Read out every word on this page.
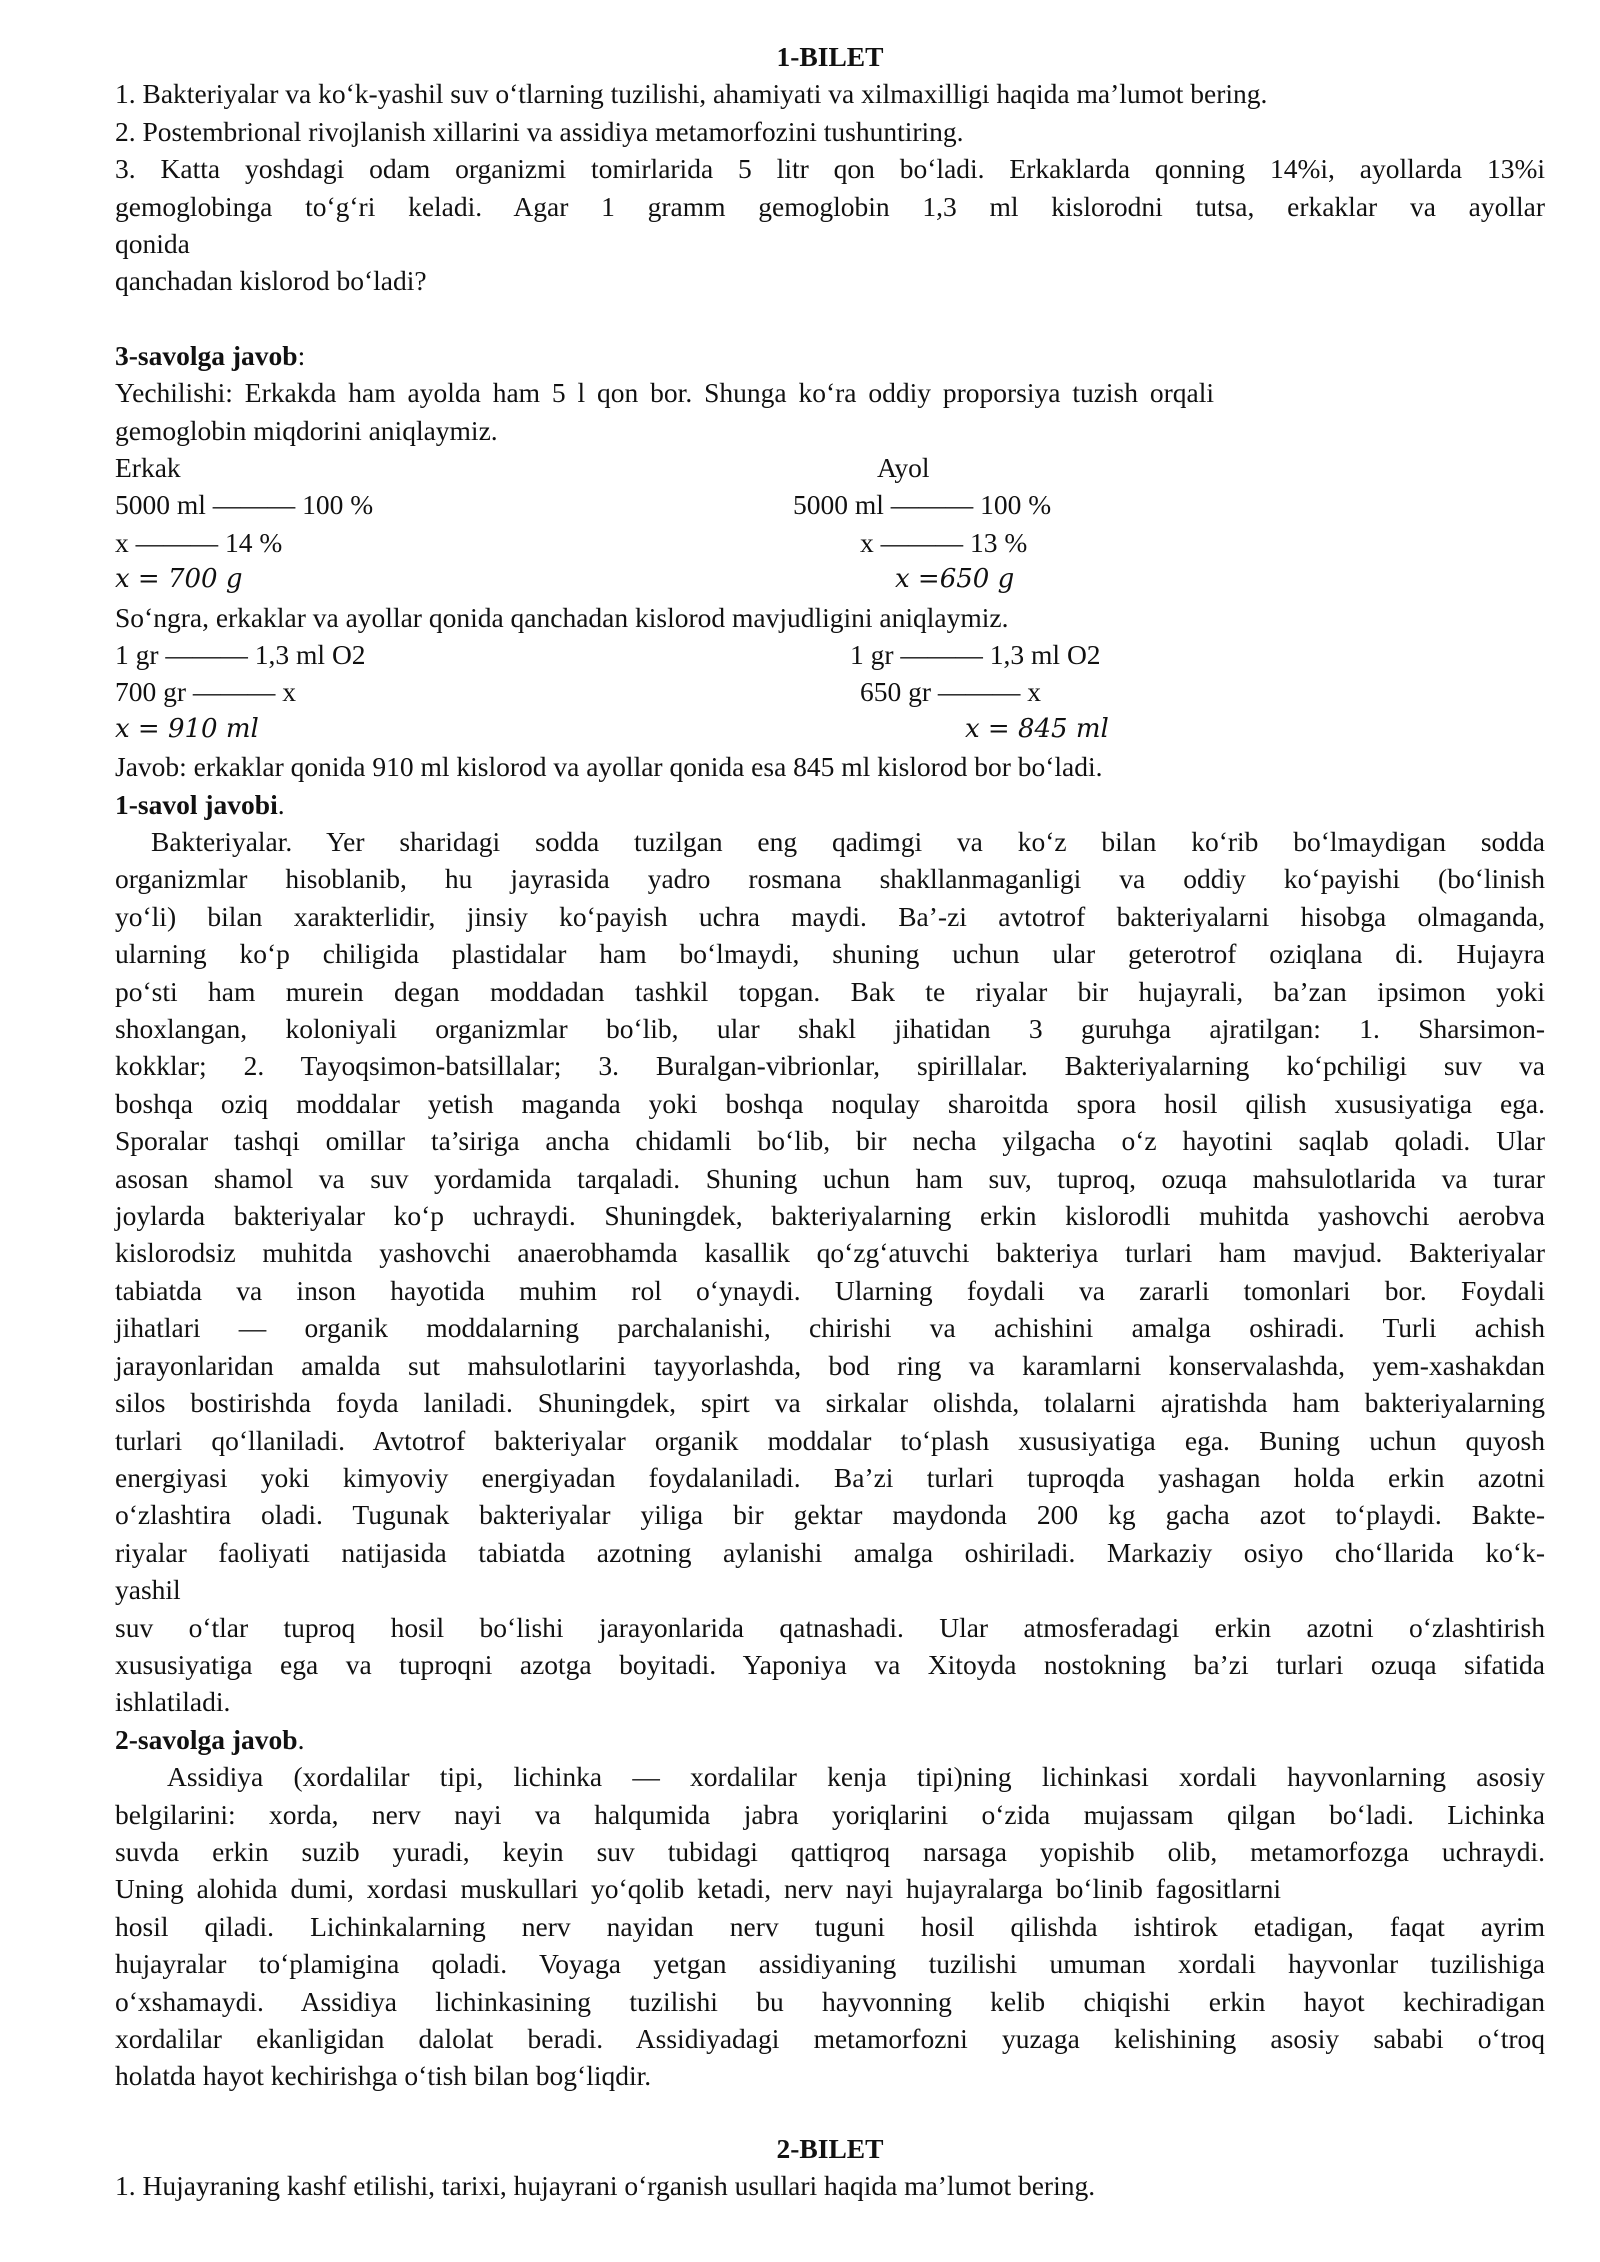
1-BILET

1. Bakteriyalar va ko‘k-yashil suv o‘tlarning tuzilishi, ahamiyati va xilmaxilligi haqida ma’lumot bering.

2. Postembrional rivojlanish xillarini va assidiya metamorfozini tushuntiring.

3. Katta yoshdagi odam organizmi tomirlarida 5 litr qon bo‘ladi. Erkaklarda qonning 14%i, ayollarda 13%i

gemoglobinga to‘g‘ri keladi. Agar 1 gramm gemoglobin 1,3 ml kislorodni tutsa, erkaklar va ayollar

qonida

qanchadan kislorod bo‘ladi?

3-savolga javob:

Yechilishi: Erkakda ham ayolda ham 5 l qon bor. Shunga ko‘ra oddiy proporsiya tuzish orqali

gemoglobin miqdorini aniqlaymiz.

Erkak	Ayol
5000 ml ——— 100 %	5000 ml ——— 100 %
x ——— 14 %	x ——— 13 %
𝑥 = 700 𝑔	𝑥 =650 𝑔

So‘ngra, erkaklar va ayollar qonida qanchadan kislorod mavjudligini aniqlaymiz.

1 gr ——— 1,3 ml O2	1 gr ——— 1,3 ml O2
700 gr ——— x	650 gr ——— x
𝑥 = 910 𝑚𝑙	𝑥 = 845 𝑚𝑙

Javob: erkaklar qonida 910 ml kislorod va ayollar qonida esa 845 ml kislorod bor bo‘ladi.

1-savol javobi.

Bakteriyalar. Yer sharidagi sodda tuzilgan eng qadimgi va ko‘z bilan ko‘rib bo‘lmaydigan sodda

organizmlar hisoblanib, hu jayrasida yadro rosmana shakllanmaganligi va oddiy ko‘payishi (bo‘linish

yo‘li) bilan xarakterlidir, jinsiy ko‘payish uchra maydi. Ba’-zi avtotrof bakteriyalarni hisobga olmaganda,

ularning ko‘p chiligida plastidalar ham bo‘lmaydi, shuning uchun ular geterotrof oziqlana di. Hujayra

po‘sti ham murein degan moddadan tashkil topgan. Bak te riyalar bir hujayrali, ba’zan ipsimon yoki

shoxlangan, koloniyali organizmlar bo‘lib, ular shakl jihatidan 3 guruhga ajratilgan: 1. Sharsimon-

kokklar; 2. Tayoqsimon-batsillalar; 3. Buralgan-vibrionlar, spirillalar. Bakteriyalarning ko‘pchiligi suv va

boshqa oziq moddalar yetish maganda yoki boshqa noqulay sharoitda spora hosil qilish xususiyatiga ega.

Sporalar tashqi omillar ta’siriga ancha chidamli bo‘lib, bir necha yilgacha o‘z hayotini saqlab qoladi. Ular

asosan shamol va suv yordamida tarqaladi. Shuning uchun ham suv, tuproq, ozuqa mahsulotlarida va turar

joylarda bakteriyalar ko‘p uchraydi. Shuningdek, bakteriyalarning erkin kislorodli muhitda yashovchi aerobva

kislorodsiz muhitda yashovchi anaerobhamda kasallik qo‘zg‘atuvchi bakteriya turlari ham mavjud. Bakteriyalar

tabiatda va inson hayotida muhim rol o‘ynaydi. Ularning foydali va zararli tomonlari bor. Foydali

jihatlari — organik moddalarning parchalanishi, chirishi va achishini amalga oshiradi. Turli achish

jarayonlaridan amalda sut mahsulotlarini tayyorlashda, bod ring va karamlarni konservalashda, yem-xashakdan

silos bostirishda foyda laniladi. Shuningdek, spirt va sirkalar olishda, tolalarni ajratishda ham bakteriyalarning

turlari qo‘llaniladi. Avtotrof bakteriyalar organik moddalar to‘plash xususiyatiga ega. Buning uchun quyosh

energiyasi yoki kimyoviy energiyadan foydalaniladi. Ba’zi turlari tuproqda yashagan holda erkin azotni

o‘zlashtira oladi. Tugunak bakteriyalar yiliga bir gektar maydonda 200 kg gacha azot to‘playdi. Bakte-

riyalar faoliyati natijasida tabiatda azotning aylanishi amalga oshiriladi. Markaziy osiyo cho‘llarida ko‘k-

yashil

suv o‘tlar tuproq hosil bo‘lishi jarayonlarida qatnashadi. Ular atmosferadagi erkin azotni o‘zlashtirish

xususiyatiga ega va tuproqni azotga boyitadi. Yaponiya va Xitoyda nostokning ba’zi turlari ozuqa sifatida

ishlatiladi.

2-savolga javob.

Assidiya (xordalilar tipi, lichinka — xordalilar kenja tipi)ning lichinkasi xordali hayvonlarning asosiy

belgilarini: xorda, nerv nayi va halqumida jabra yoriqlarini o‘zida mujassam qilgan bo‘ladi. Lichinka

suvda erkin suzib yuradi, keyin suv tubidagi qattiqroq narsaga yopishib olib, metamorfozga uchraydi.

Uning alohida dumi, xordasi muskullari yo‘qolib ketadi, nerv nayi hujayralarga bo‘linib fagositlarni

hosil qiladi. Lichinkalarning nerv nayidan nerv tuguni hosil qilishda ishtirok etadigan, faqat ayrim

hujayralar to‘plamigina qoladi. Voyaga yetgan assidiyaning tuzilishi umuman xordali hayvonlar tuzilishiga

o‘xshamaydi. Assidiya lichinkasining tuzilishi bu hayvonning kelib chiqishi erkin hayot kechiradigan

xordalilar ekanligidan dalolat beradi. Assidiyadagi metamorfozni yuzaga kelishining asosiy sababi o‘troq

holatda hayot kechirishga o‘tish bilan bog‘liqdir.

2-BILET

1. Hujayraning kashf etilishi, tarixi, hujayrani o‘rganish usullari haqida ma’lumot bering.
